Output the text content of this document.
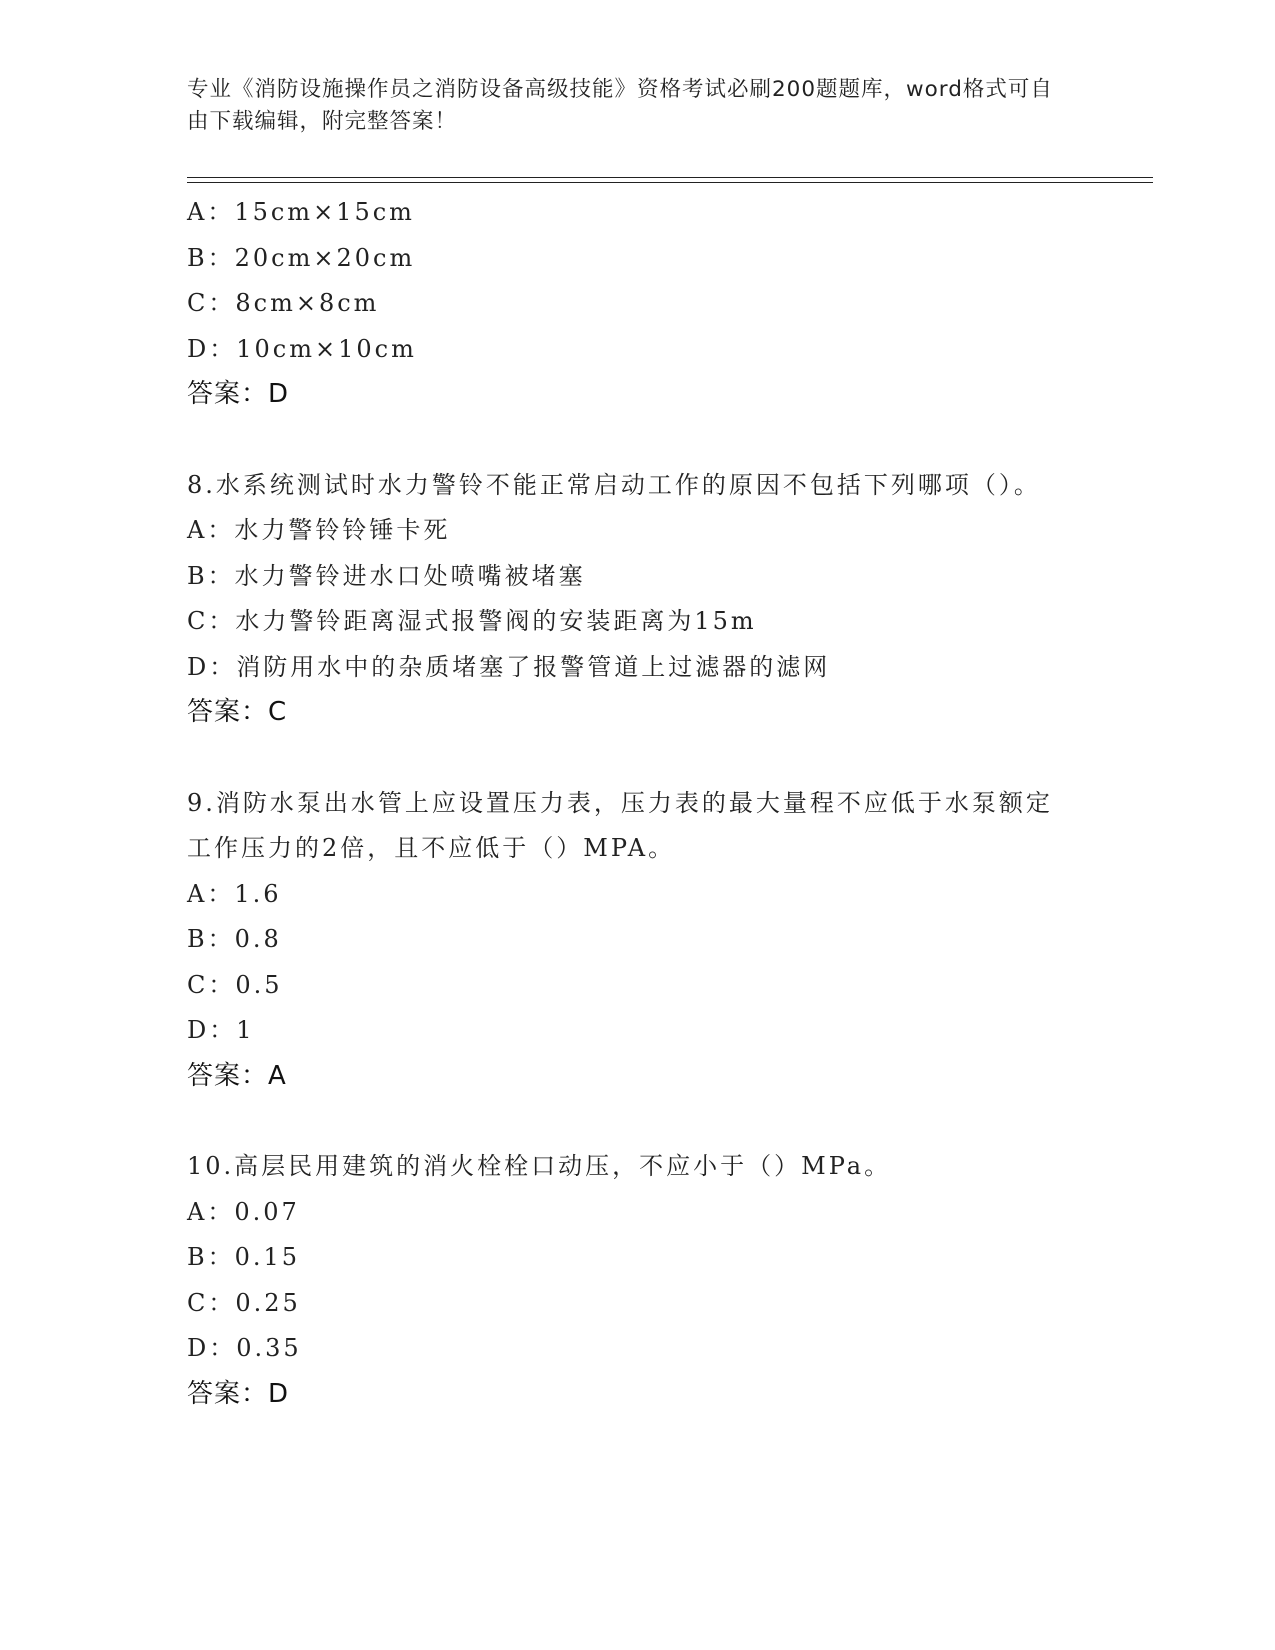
专业《消防设施操作员之消防设备高级技能》资格考试必刷200题题库，word格式可自由下载编辑，附完整答案！
A：15cm×15cm
B：20cm×20cm
C：8cm×8cm
D：10cm×10cm
答案：D
8.水系统测试时水力警铃不能正常启动工作的原因不包括下列哪项（）。
A：水力警铃铃锤卡死
B：水力警铃进水口处喷嘴被堵塞
C：水力警铃距离湿式报警阀的安装距离为15m
D：消防用水中的杂质堵塞了报警管道上过滤器的滤网
答案：C
9.消防水泵出水管上应设置压力表，压力表的最大量程不应低于水泵额定工作压力的2倍，且不应低于（）MPA。
A：1.6
B：0.8
C：0.5
D：1
答案：A
10.高层民用建筑的消火栓栓口动压，不应小于（）MPa。
A：0.07
B：0.15
C：0.25
D：0.35
答案：D
